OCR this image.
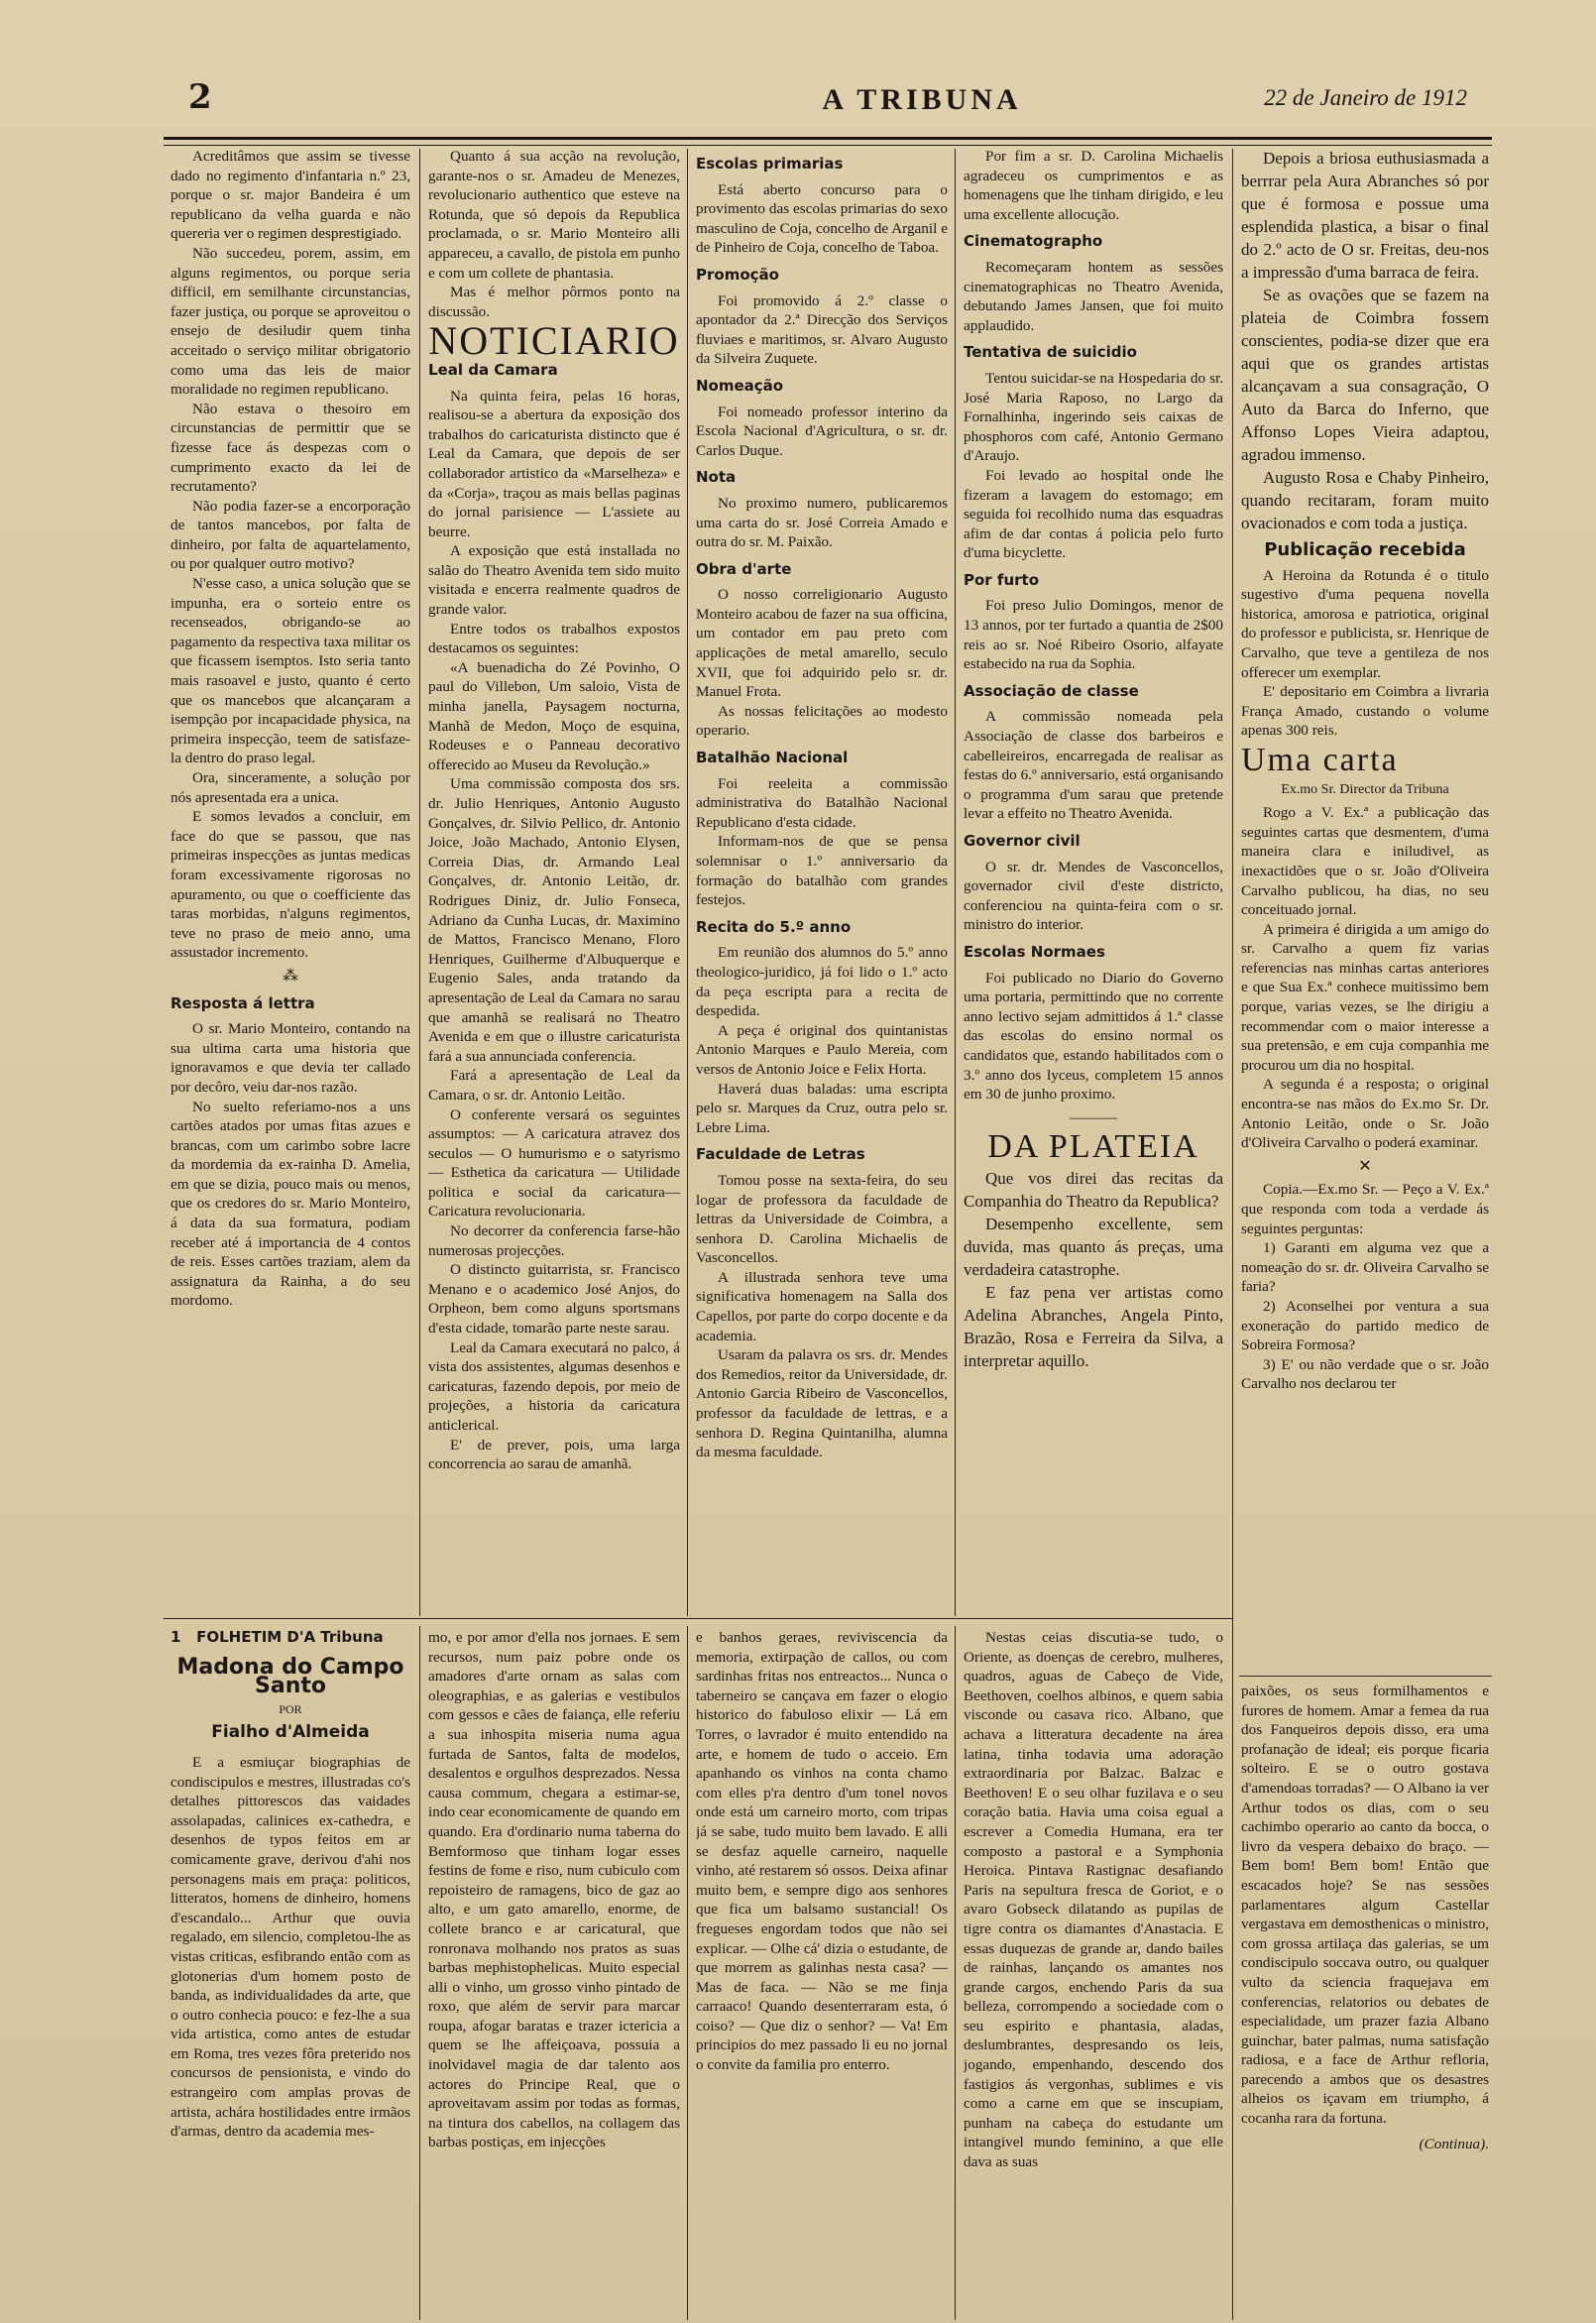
2	A TRIBUNA	22 de Janeiro de 1912

Acreditâmos que assim se tivesse dado no regimento d'infantaria n.º 23, porque o sr. major Bandeira é um republicano da velha guarda e não quereria ver o regimen desprestigiado.

Não succedeu, porem, assim, em alguns regimentos, ou porque seria difficil, em semilhante circunstancias, fazer justiça, ou porque se aproveitou o ensejo de desiludir quem tinha acceitado o serviço militar obrigatorio como uma das leis de maior moralidade no regimen republicano.

Não estava o thesoiro em circunstancias de permittir que se fizesse face ás despezas com o cumprimento exacto da lei de recrutamento?

Não podia fazer-se a encorporação de tantos mancebos, por falta de dinheiro, por falta de aquartelamento, ou por qualquer outro motivo?

N'esse caso, a unica solução que se impunha, era o sorteio entre os recenseados, obrigando-se ao pagamento da respectiva taxa militar os que ficassem isemptos. Isto seria tanto mais rasoavel e justo, quanto é certo que os mancebos que alcançaram a isempção por incapacidade physica, na primeira inspecção, teem de satisfaze-la dentro do praso legal.

Ora, sinceramente, a solução por nós apresentada era a unica.

E somos levados a concluir, em face do que se passou, que nas primeiras inspecções as juntas medicas foram excessivamente rigorosas no apuramento, ou que o coefficiente das taras morbidas, n'alguns regimentos, teve no praso de meio anno, uma assustador incremento.

⁂
Resposta á lettra

O sr. Mario Monteiro, contando na sua ultima carta uma historia que ignoravamos e que devia ter callado por decôro, veiu dar-nos razão.

No suelto referiamo-nos a uns cartões atados por umas fitas azues e brancas, com um carimbo sobre lacre da mordemia da ex-rainha D. Amelia, em que se dizia, pouco mais ou menos, que os credores do sr. Mario Monteiro, á data da sua formatura, podiam receber até á importancia de 4 contos de reis. Esses cartões traziam, alem da assignatura da Rainha, a do seu mordomo.

Quanto á sua acção na revolução, garante-nos o sr. Amadeu de Menezes, revolucionario authentico que esteve na Rotunda, que só depois da Republica proclamada, o sr. Mario Monteiro alli appareceu, a cavallo, de pistola em punho e com um collete de phantasia.

Mas é melhor pôrmos ponto na discussão.

NOTICIARIO
Leal da Camara

Na quinta feira, pelas 16 horas, realisou-se a abertura da exposição dos trabalhos do caricaturista distincto que é Leal da Camara, que depois de ser collaborador artistico da «Marselheza» e da «Corja», traçou as mais bellas paginas do jornal parisience — L'assiete au beurre.

A exposição que está installada no salão do Theatro Avenida tem sido muito visitada e encerra realmente quadros de grande valor.

Entre todos os trabalhos expostos destacamos os seguintes:

«A buenadicha do Zé Povinho, O paul do Villebon, Um saloio, Vista de minha janella, Paysagem nocturna, Manhã de Medon, Moço de esquina, Rodeuses e o Panneau decorativo offerecido ao Museu da Revolução.»

Uma commissão composta dos srs. dr. Julio Henriques, Antonio Augusto Gonçalves, dr. Silvio Pellico, dr. Antonio Joice, João Machado, Antonio Elysen, Correia Dias, dr. Armando Leal Gonçalves, dr. Antonio Leitão, dr. Rodrigues Diniz, dr. Julio Fonseca, Adriano da Cunha Lucas, dr. Maximino de Mattos, Francisco Menano, Floro Henriques, Guilherme d'Albuquerque e Eugenio Sales, anda tratando da apresentação de Leal da Camara no sarau que amanhã se realisará no Theatro Avenida e em que o illustre caricaturista fará a sua annunciada conferencia.

Fará a apresentação de Leal da Camara, o sr. dr. Antonio Leitão.

O conferente versará os seguintes assumptos: — A caricatura atravez dos seculos — O humurismo e o satyrismo — Esthetica da caricatura — Utilidade politica e social da caricatura—Caricatura revolucionaria.

No decorrer da conferencia farse-hão numerosas projecções.

O distincto guitarrista, sr. Francisco Menano e o academico José Anjos, do Orpheon, bem como alguns sportsmans d'esta cidade, tomarão parte neste sarau.

Leal da Camara executará no palco, á vista dos assistentes, algumas desenhos e caricaturas, fazendo depois, por meio de projeções, a historia da caricatura anticlerical.

E' de prever, pois, uma larga concorrencia ao sarau de amanhã.

Escolas primarias

Está aberto concurso para o provimento das escolas primarias do sexo masculino de Coja, concelho de Arganil e de Pinheiro de Coja, concelho de Taboa.

Promoção

Foi promovido á 2.º classe o apontador da 2.ª Direcção dos Serviços fluviaes e maritimos, sr. Alvaro Augusto da Silveira Zuquete.

Nomeação

Foi nomeado professor interino da Escola Nacional d'Agricultura, o sr. dr. Carlos Duque.

Nota

No proximo numero, publicaremos uma carta do sr. José Correia Amado e outra do sr. M. Paixão.

Obra d'arte

O nosso correligionario Augusto Monteiro acabou de fazer na sua officina, um contador em pau preto com applicações de metal amarello, seculo XVII, que foi adquirido pelo sr. dr. Manuel Frota.

As nossas felicitações ao modesto operario.

Batalhão Nacional

Foi reeleita a commissão administrativa do Batalhão Nacional Republicano d'esta cidade.

Informam-nos de que se pensa solemnisar o 1.º anniversario da formação do batalhão com grandes festejos.

Recita do 5.º anno

Em reunião dos alumnos do 5.º anno theologico-juridico, já foi lido o 1.º acto da peça escripta para a recita de despedida.

A peça é original dos quintanistas Antonio Marques e Paulo Mereia, com versos de Antonio Joice e Felix Horta.

Haverá duas baladas: uma escripta pelo sr. Marques da Cruz, outra pelo sr. Lebre Lima.

Faculdade de Letras

Tomou posse na sexta-feira, do seu logar de professora da faculdade de lettras da Universidade de Coimbra, a senhora D. Carolina Michaelis de Vasconcellos.

A illustrada senhora teve uma significativa homenagem na Salla dos Capellos, por parte do corpo docente e da academia.

Usaram da palavra os srs. dr. Mendes dos Remedios, reitor da Universidade, dr. Antonio Garcia Ribeiro de Vasconcellos, professor da faculdade de lettras, e a senhora D. Regina Quintanilha, alumna da mesma faculdade.

Por fim a sr. D. Carolina Michaelis agradeceu os cumprimentos e as homenagens que lhe tinham dirigido, e leu uma excellente allocução.

Cinematographo

Recomeçaram hontem as sessões cinematographicas no Theatro Avenida, debutando James Jansen, que foi muito applaudido.

Tentativa de suicidio

Tentou suicidar-se na Hospedaria do sr. José Maria Raposo, no Largo da Fornalhinha, ingerindo seis caixas de phosphoros com café, Antonio Germano d'Araujo.

Foi levado ao hospital onde lhe fizeram a lavagem do estomago; em seguida foi recolhido numa das esquadras afim de dar contas á policia pelo furto d'uma bicyclette.

Por furto

Foi preso Julio Domingos, menor de 13 annos, por ter furtado a quantia de 2$00 reis ao sr. Noé Ribeiro Osorio, alfayate estabecido na rua da Sophia.

Associação de classe

A commissão nomeada pela Associação de classe dos barbeiros e cabelleireiros, encarregada de realisar as festas do 6.º anniversario, está organisando o programma d'um sarau que pretende levar a effeito no Theatro Avenida.

Governor civil

O sr. dr. Mendes de Vasconcellos, governador civil d'este districto, conferenciou na quinta-feira com o sr. ministro do interior.

Escolas Normaes

Foi publicado no Diario do Governo uma portaria, permittindo que no corrente anno lectivo sejam admittidos á 1.ª classe das escolas do ensino normal os candidatos que, estando habilitados com o 3.º anno dos lyceus, completem 15 annos em 30 de junho proximo.

———
DA PLATEIA

Que vos direi das recitas da Companhia do Theatro da Republica?

Desempenho excellente, sem duvida, mas quanto ás preças, uma verdadeira catastrophe.

E faz pena ver artistas como Adelina Abranches, Angela Pinto, Brazão, Rosa e Ferreira da Silva, a interpretar aquillo.

Depois a briosa euthusiasmada a berrrar pela Aura Abranches só por que é formosa e possue uma esplendida plastica, a bisar o final do 2.º acto de O sr. Freitas, deu-nos a impressão d'uma barraca de feira.

Se as ovações que se fazem na plateia de Coimbra fossem conscientes, podia-se dizer que era aqui que os grandes artistas alcançavam a sua consagração, O Auto da Barca do Inferno, que Affonso Lopes Vieira adaptou, agradou immenso.

Augusto Rosa e Chaby Pinheiro, quando recitaram, foram muito ovacionados e com toda a justiça.

Publicação recebida

A Heroina da Rotunda é o titulo sugestivo d'uma pequena novella historica, amorosa e patriotica, original do professor e publicista, sr. Henrique de Carvalho, que teve a gentileza de nos offerecer um exemplar.

E' depositario em Coimbra a livraria França Amado, custando o volume apenas 300 reis.

Uma carta
Ex.mo Sr. Director da Tribuna

Rogo a V. Ex.ª a publicação das seguintes cartas que desmentem, d'uma maneira clara e iniludivel, as inexactidões que o sr. João d'Oliveira Carvalho publicou, ha dias, no seu conceituado jornal.

A primeira é dirigida a um amigo do sr. Carvalho a quem fiz varias referencias nas minhas cartas anteriores e que Sua Ex.ª conhece muitissimo bem porque, varias vezes, se lhe dirigiu a recommendar com o maior interesse a sua pretensão, e em cuja companhia me procurou um dia no hospital.

A segunda é a resposta; o original encontra-se nas mãos do Ex.mo Sr. Dr. Antonio Leitão, onde o Sr. João d'Oliveira Carvalho o poderá examinar.

✕

Copia.—Ex.mo Sr. — Peço a V. Ex.ª que responda com toda a verdade ás seguintes perguntas:

1) Garanti em alguma vez que a nomeação do sr. dr. Oliveira Carvalho se faria?

2) Aconselhei por ventura a sua exoneração do partido medico de Sobreira Formosa?

3) E' ou não verdade que o sr. João Carvalho nos declarou ter

1 FOLHETIM D'A Tribuna
Madona do Campo Santo
POR
Fialho d'Almeida

E a esmiuçar biographias de condiscipulos e mestres, illustradas co's detalhes pittorescos das vaidades assolapadas, calinices ex-cathedra, e desenhos de typos feitos em ar comicamente grave, derivou d'ahi nos personagens mais em praça: politicos, litteratos, homens de dinheiro, homens d'escandalo... Arthur que ouvia regalado, em silencio, completou-lhe as vistas criticas, esfibrando então com as glotonerias d'um homem posto de banda, as individualidades da arte, que o outro conhecia pouco: e fez-lhe a sua vida artistica, como antes de estudar em Roma, tres vezes fôra preterido nos concursos de pensionista, e vindo do estrangeiro com amplas provas de artista, achára hostilidades entre irmãos d'armas, dentro da academia mes-

mo, e por amor d'ella nos jornaes. E sem recursos, num paiz pobre onde os amadores d'arte ornam as salas com oleographias, e as galerias e vestibulos com gessos e cães de faiança, elle referiu a sua inhospita miseria numa agua furtada de Santos, falta de modelos, desalentos e orgulhos desprezados. Nessa causa commum, chegara a estimar-se, indo cear economicamente de quando em quando. Era d'ordinario numa taberna do Bemformoso que tinham logar esses festins de fome e riso, num cubiculo com repoisteiro de ramagens, bico de gaz ao alto, e um gato amarello, enorme, de collete branco e ar caricatural, que ronronava molhando nos pratos as suas barbas mephistophelicas. Muito especial alli o vinho, um grosso vinho pintado de roxo, que além de servir para marcar roupa, afogar baratas e trazer ictericia a quem se lhe affeiçoava, possuia a inolvidavel magia de dar talento aos actores do Principe Real, que o aproveitavam assim por todas as formas, na tintura dos cabellos, na collagem das barbas postiças, em injecções

e banhos geraes, reviviscencia da memoria, extirpação de callos, ou com sardinhas fritas nos entreactos... Nunca o taberneiro se cançava em fazer o elogio historico do fabuloso elixir — Lá em Torres, o lavrador é muito entendido na arte, e homem de tudo o acceio. Em apanhando os vinhos na conta chamo com elles p'ra dentro d'um tonel novos onde está um carneiro morto, com tripas já se sabe, tudo muito bem lavado. E alli se desfaz aquelle carneiro, naquelle vinho, até restarem só ossos. Deixa afinar muito bem, e sempre digo aos senhores que fica um balsamo sustancial! Os fregueses engordam todos que não sei explicar. — Olhe cá' dizia o estudante, de que morrem as galinhas nesta casa? — Mas de faca. — Não se me finja carraaco! Quando desenterraram esta, ó coiso? — Que diz o senhor? — Va! Em principios do mez passado li eu no jornal o convite da familia pro enterro.

Nestas ceias discutia-se tudo, o Oriente, as doenças de cerebro, mulheres, quadros, aguas de Cabeço de Vide, Beethoven, coelhos albinos, e quem sabia visconde ou casava rico. Albano, que achava a litteratura decadente na área latina, tinha todavia uma adoração extraordinaria por Balzac. Balzac e Beethoven! E o seu olhar fuzilava e o seu coração batia. Havia uma coisa egual a escrever a Comedia Humana, era ter composto a pastoral e a Symphonia Heroica. Pintava Rastignac desafiando Paris na sepultura fresca de Goriot, e o avaro Gobseck dilatando as pupilas de tigre contra os diamantes d'Anastacia. E essas duquezas de grande ar, dando bailes de rainhas, lançando os amantes nos grande cargos, enchendo Paris da sua belleza, corrompendo a sociedade com o seu espirito e phantasia, aladas, deslumbrantes, despresando os leis, jogando, empenhando, descendo dos fastigios ás vergonhas, sublimes e vis como a carne em que se inscupiam, punham na cabeça do estudante um intangivel mundo feminino, a que elle dava as suas

paixões, os seus formilhamentos e furores de homem. Amar a femea da rua dos Fanqueiros depois disso, era uma profanação de ideal; eis porque ficaria solteiro. E se o outro gostava d'amendoas torradas? — O Albano ia ver Arthur todos os dias, com o seu cachimbo operario ao canto da bocca, o livro da vespera debaixo do braço. — Bem bom! Bem bom! Então que escacados hoje? Se nas sessões parlamentares algum Castellar vergastava em demosthenicas o ministro, com grossa artilaça das galerias, se um condiscipulo soccava outro, ou qualquer vulto da sciencia fraquejava em conferencias, relatorios ou debates de especialidade, um prazer fazia Albano guinchar, bater palmas, numa satisfação radiosa, e a face de Arthur refloria, parecendo a ambos que os desastres alheios os içavam em triumpho, á cocanha rara da fortuna.

(Continua).
